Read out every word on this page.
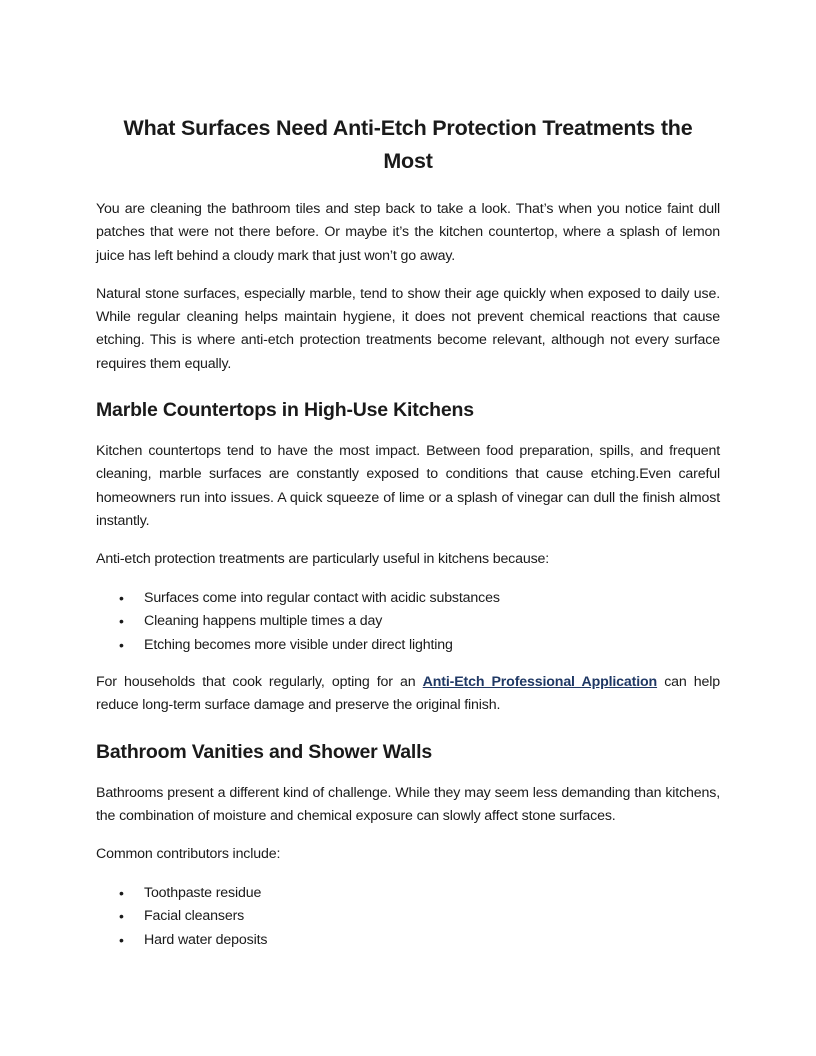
What Surfaces Need Anti-Etch Protection Treatments the Most

You are cleaning the bathroom tiles and step back to take a look. That’s when you notice faint dull patches that were not there before. Or maybe it’s the kitchen countertop, where a splash of lemon juice has left behind a cloudy mark that just won’t go away.

Natural stone surfaces, especially marble, tend to show their age quickly when exposed to daily use. While regular cleaning helps maintain hygiene, it does not prevent chemical reactions that cause etching. This is where anti-etch protection treatments become relevant, although not every surface requires them equally.

Marble Countertops in High-Use Kitchens

Kitchen countertops tend to have the most impact. Between food preparation, spills, and frequent cleaning, marble surfaces are constantly exposed to conditions that cause etching.Even careful homeowners run into issues. A quick squeeze of lime or a splash of vinegar can dull the finish almost instantly.

Anti-etch protection treatments are particularly useful in kitchens because:

• Surfaces come into regular contact with acidic substances
• Cleaning happens multiple times a day
• Etching becomes more visible under direct lighting

For households that cook regularly, opting for an Anti-Etch Professional Application can help reduce long-term surface damage and preserve the original finish.

Bathroom Vanities and Shower Walls

Bathrooms present a different kind of challenge. While they may seem less demanding than kitchens, the combination of moisture and chemical exposure can slowly affect stone surfaces.

Common contributors include:

• Toothpaste residue
• Facial cleansers
• Hard water deposits
